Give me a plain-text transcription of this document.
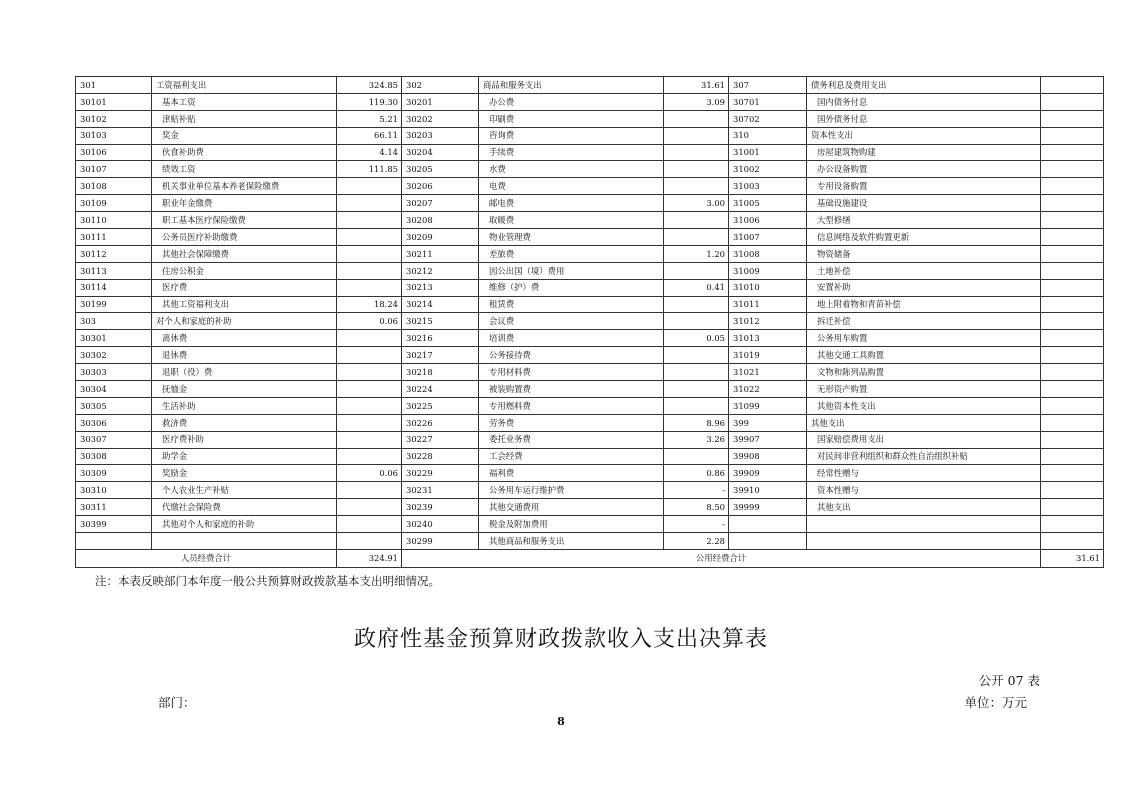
301	工资福利支出	324.85	302	商品和服务支出	31.61	307	债务利息及费用支出	
30101	基本工资	119.30	30201	办公费	3.09	30701	国内债务付息	
30102	津贴补贴	5.21	30202	印刷费		30702	国外债务付息	
30103	奖金	66.11	30203	咨询费		310	资本性支出	
30106	伙食补助费	4.14	30204	手续费		31001	房屋建筑物购建	
30107	绩效工资	111.85	30205	水费		31002	办公设备购置	
30108	机关事业单位基本养老保险缴费		30206	电费		31003	专用设备购置	
30109	职业年金缴费		30207	邮电费	3.00	31005	基础设施建设	
30110	职工基本医疗保险缴费		30208	取暖费		31006	大型修缮	
30111	公务员医疗补助缴费		30209	物业管理费		31007	信息网络及软件购置更新	
30112	其他社会保障缴费		30211	差旅费	1.20	31008	物资储备	
30113	住房公积金		30212	因公出国（境）费用		31009	土地补偿	
30114	医疗费		30213	维修（护）费	0.41	31010	安置补助	
30199	其他工资福利支出	18.24	30214	租赁费		31011	地上附着物和青苗补偿	
303	对个人和家庭的补助	0.06	30215	会议费		31012	拆迁补偿	
30301	离休费		30216	培训费	0.05	31013	公务用车购置	
30302	退休费		30217	公务接待费		31019	其他交通工具购置	
30303	退职（役）费		30218	专用材料费		31021	文物和陈列品购置	
30304	抚恤金		30224	被装购置费		31022	无形资产购置	
30305	生活补助		30225	专用燃料费		31099	其他资本性支出	
30306	救济费		30226	劳务费	8.96	399	其他支出	
30307	医疗费补助		30227	委托业务费	3.26	39907	国家赔偿费用支出	
30308	助学金		30228	工会经费		39908	对民间非营利组织和群众性自治组织补贴	
30309	奖励金	0.06	30229	福利费	0.86	39909	经常性赠与	
30310	个人农业生产补贴		30231	公务用车运行维护费	-	39910	资本性赠与	
30311	代缴社会保险费		30239	其他交通费用	8.50	39999	其他支出	
30399	其他对个人和家庭的补助		30240	税金及附加费用	-			
			30299	其他商品和服务支出	2.28			
人员经费合计		324.91	公用经费合计					31.61
注：本表反映部门本年度一般公共预算财政拨款基本支出明细情况。
政府性基金预算财政拨款收入支出决算表
公开 07 表
部门：	单位：万元
8
